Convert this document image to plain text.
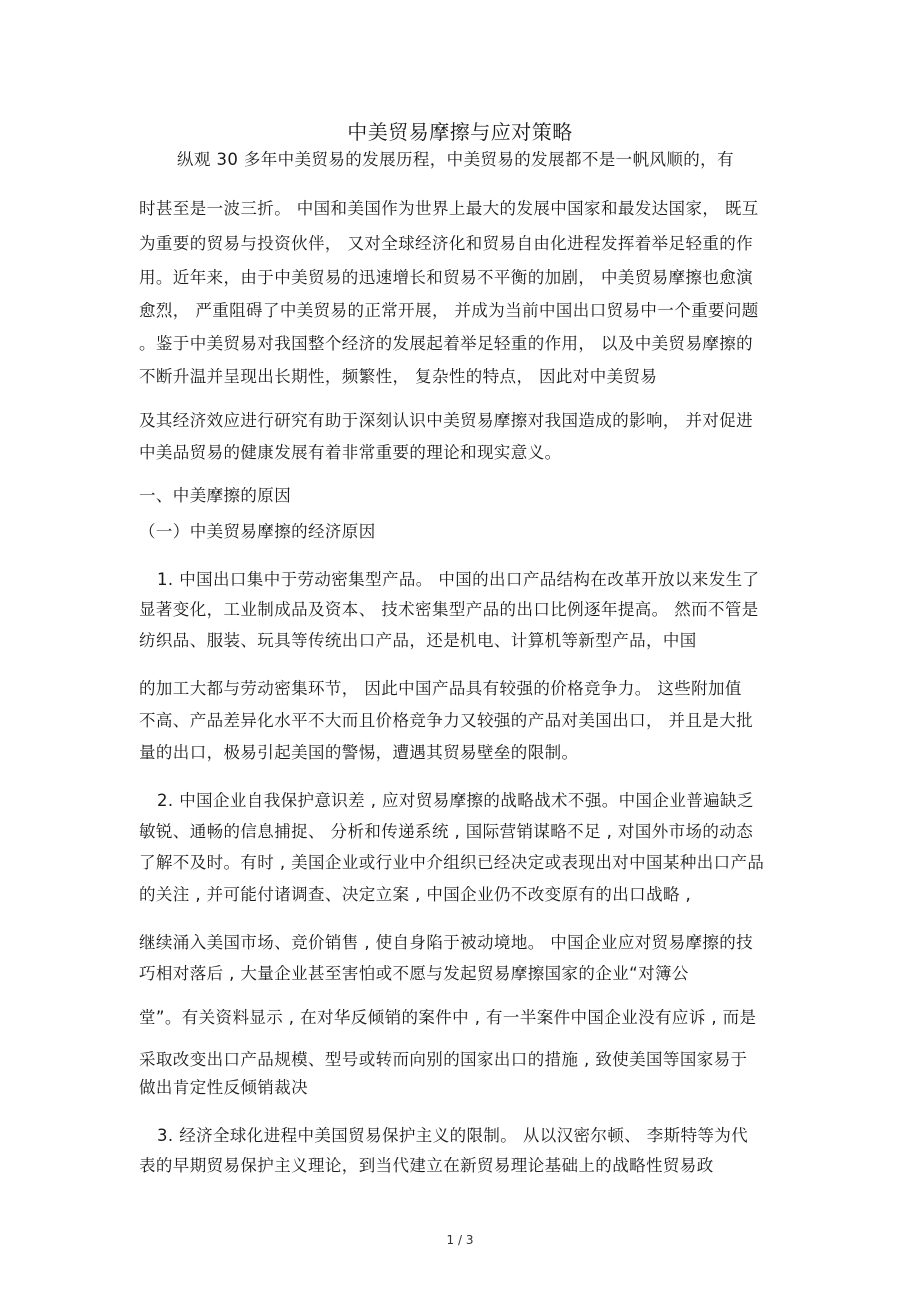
中美贸易摩擦与应对策略
纵观 30 多年中美贸易的发展历程，中美贸易的发展都不是一帆风顺的，有
时甚至是一波三折。 中国和美国作为世界上最大的发展中国家和最发达国家， 既互
为重要的贸易与投资伙伴， 又对全球经济化和贸易自由化进程发挥着举足轻重的作
用。近年来，由于中美贸易的迅速增长和贸易不平衡的加剧， 中美贸易摩擦也愈演
愈烈， 严重阻碍了中美贸易的正常开展， 并成为当前中国出口贸易中一个重要问题
。鉴于中美贸易对我国整个经济的发展起着举足轻重的作用， 以及中美贸易摩擦的
不断升温并呈现出长期性，频繁性， 复杂性的特点， 因此对中美贸易
及其经济效应进行研究有助于深刻认识中美贸易摩擦对我国造成的影响， 并对促进
中美品贸易的健康发展有着非常重要的理论和现实意义。
一、中美摩擦的原因
（一）中美贸易摩擦的经济原因
1. 中国出口集中于劳动密集型产品。 中国的出口产品结构在改革开放以来发生了
显著变化，工业制成品及资本、 技术密集型产品的出口比例逐年提高。 然而不管是
纺织品、服装、玩具等传统出口产品，还是机电、计算机等新型产品，中国
的加工大都与劳动密集环节， 因此中国产品具有较强的价格竞争力。 这些附加值
不高、产品差异化水平不大而且价格竞争力又较强的产品对美国出口， 并且是大批
量的出口，极易引起美国的警惕，遭遇其贸易壁垒的限制。
2. 中国企业自我保护意识差 , 应对贸易摩擦的战略战术不强。中国企业普遍缺乏
敏锐、通畅的信息捕捉、 分析和传递系统 , 国际营销谋略不足 , 对国外市场的动态
了解不及时。有时 , 美国企业或行业中介组织已经决定或表现出对中国某种出口产品
的关注 , 并可能付诸调查、决定立案 , 中国企业仍不改变原有的出口战略 ,
继续涌入美国市场、竞价销售 , 使自身陷于被动境地。 中国企业应对贸易摩擦的技
巧相对落后 , 大量企业甚至害怕或不愿与发起贸易摩擦国家的企业“对簿公
堂”。有关资料显示 , 在对华反倾销的案件中 , 有一半案件中国企业没有应诉 , 而是
采取改变出口产品规模、型号或转而向别的国家出口的措施 , 致使美国等国家易于
做出肯定性反倾销裁决
3. 经济全球化进程中美国贸易保护主义的限制。 从以汉密尔顿、 李斯特等为代
表的早期贸易保护主义理论，到当代建立在新贸易理论基础上的战略性贸易政
1 / 3
